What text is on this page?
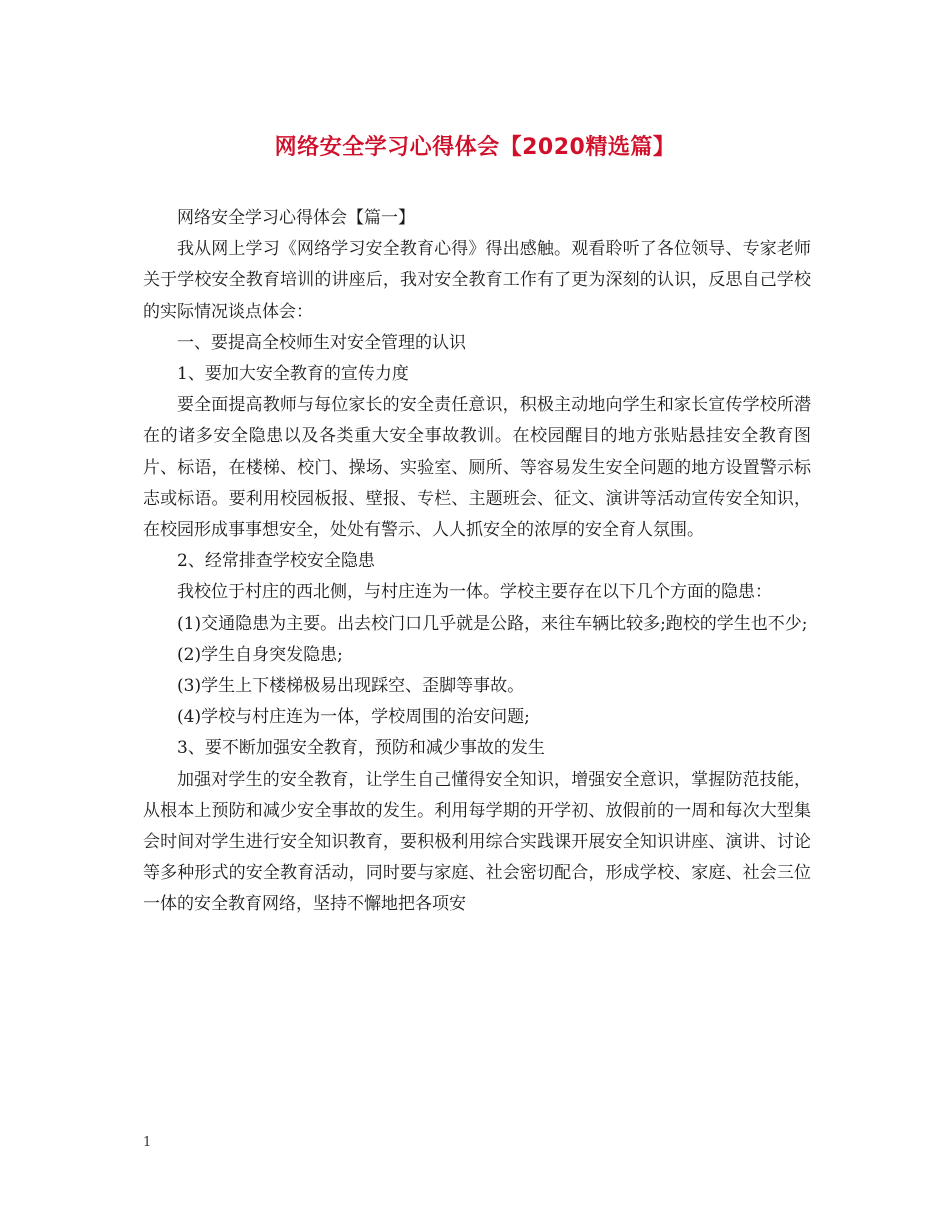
网络安全学习心得体会【2020精选篇】

网络安全学习心得体会【篇一】

我从网上学习《网络学习安全教育心得》得出感触。观看聆听了各位领导、专家老师关于学校安全教育培训的讲座后，我对安全教育工作有了更为深刻的认识，反思自己学校的实际情况谈点体会：

一、要提高全校师生对安全管理的认识

1、要加大安全教育的宣传力度

要全面提高教师与每位家长的安全责任意识，积极主动地向学生和家长宣传学校所潜在的诸多安全隐患以及各类重大安全事故教训。在校园醒目的地方张贴悬挂安全教育图片、标语，在楼梯、校门、操场、实验室、厕所、等容易发生安全问题的地方设置警示标志或标语。要利用校园板报、壁报、专栏、主题班会、征文、演讲等活动宣传安全知识，在校园形成事事想安全，处处有警示、人人抓安全的浓厚的安全育人氛围。

2、经常排查学校安全隐患

我校位于村庄的西北侧，与村庄连为一体。学校主要存在以下几个方面的隐患：

(1)交通隐患为主要。出去校门口几乎就是公路，来往车辆比较多;跑校的学生也不少;

(2)学生自身突发隐患;

(3)学生上下楼梯极易出现踩空、歪脚等事故。

(4)学校与村庄连为一体，学校周围的治安问题;

3、要不断加强安全教育，预防和减少事故的发生

加强对学生的安全教育，让学生自己懂得安全知识，增强安全意识，掌握防范技能，从根本上预防和减少安全事故的发生。利用每学期的开学初、放假前的一周和每次大型集会时间对学生进行安全知识教育，要积极利用综合实践课开展安全知识讲座、演讲、讨论等多种形式的安全教育活动，同时要与家庭、社会密切配合，形成学校、家庭、社会三位一体的安全教育网络，坚持不懈地把各项安

1
